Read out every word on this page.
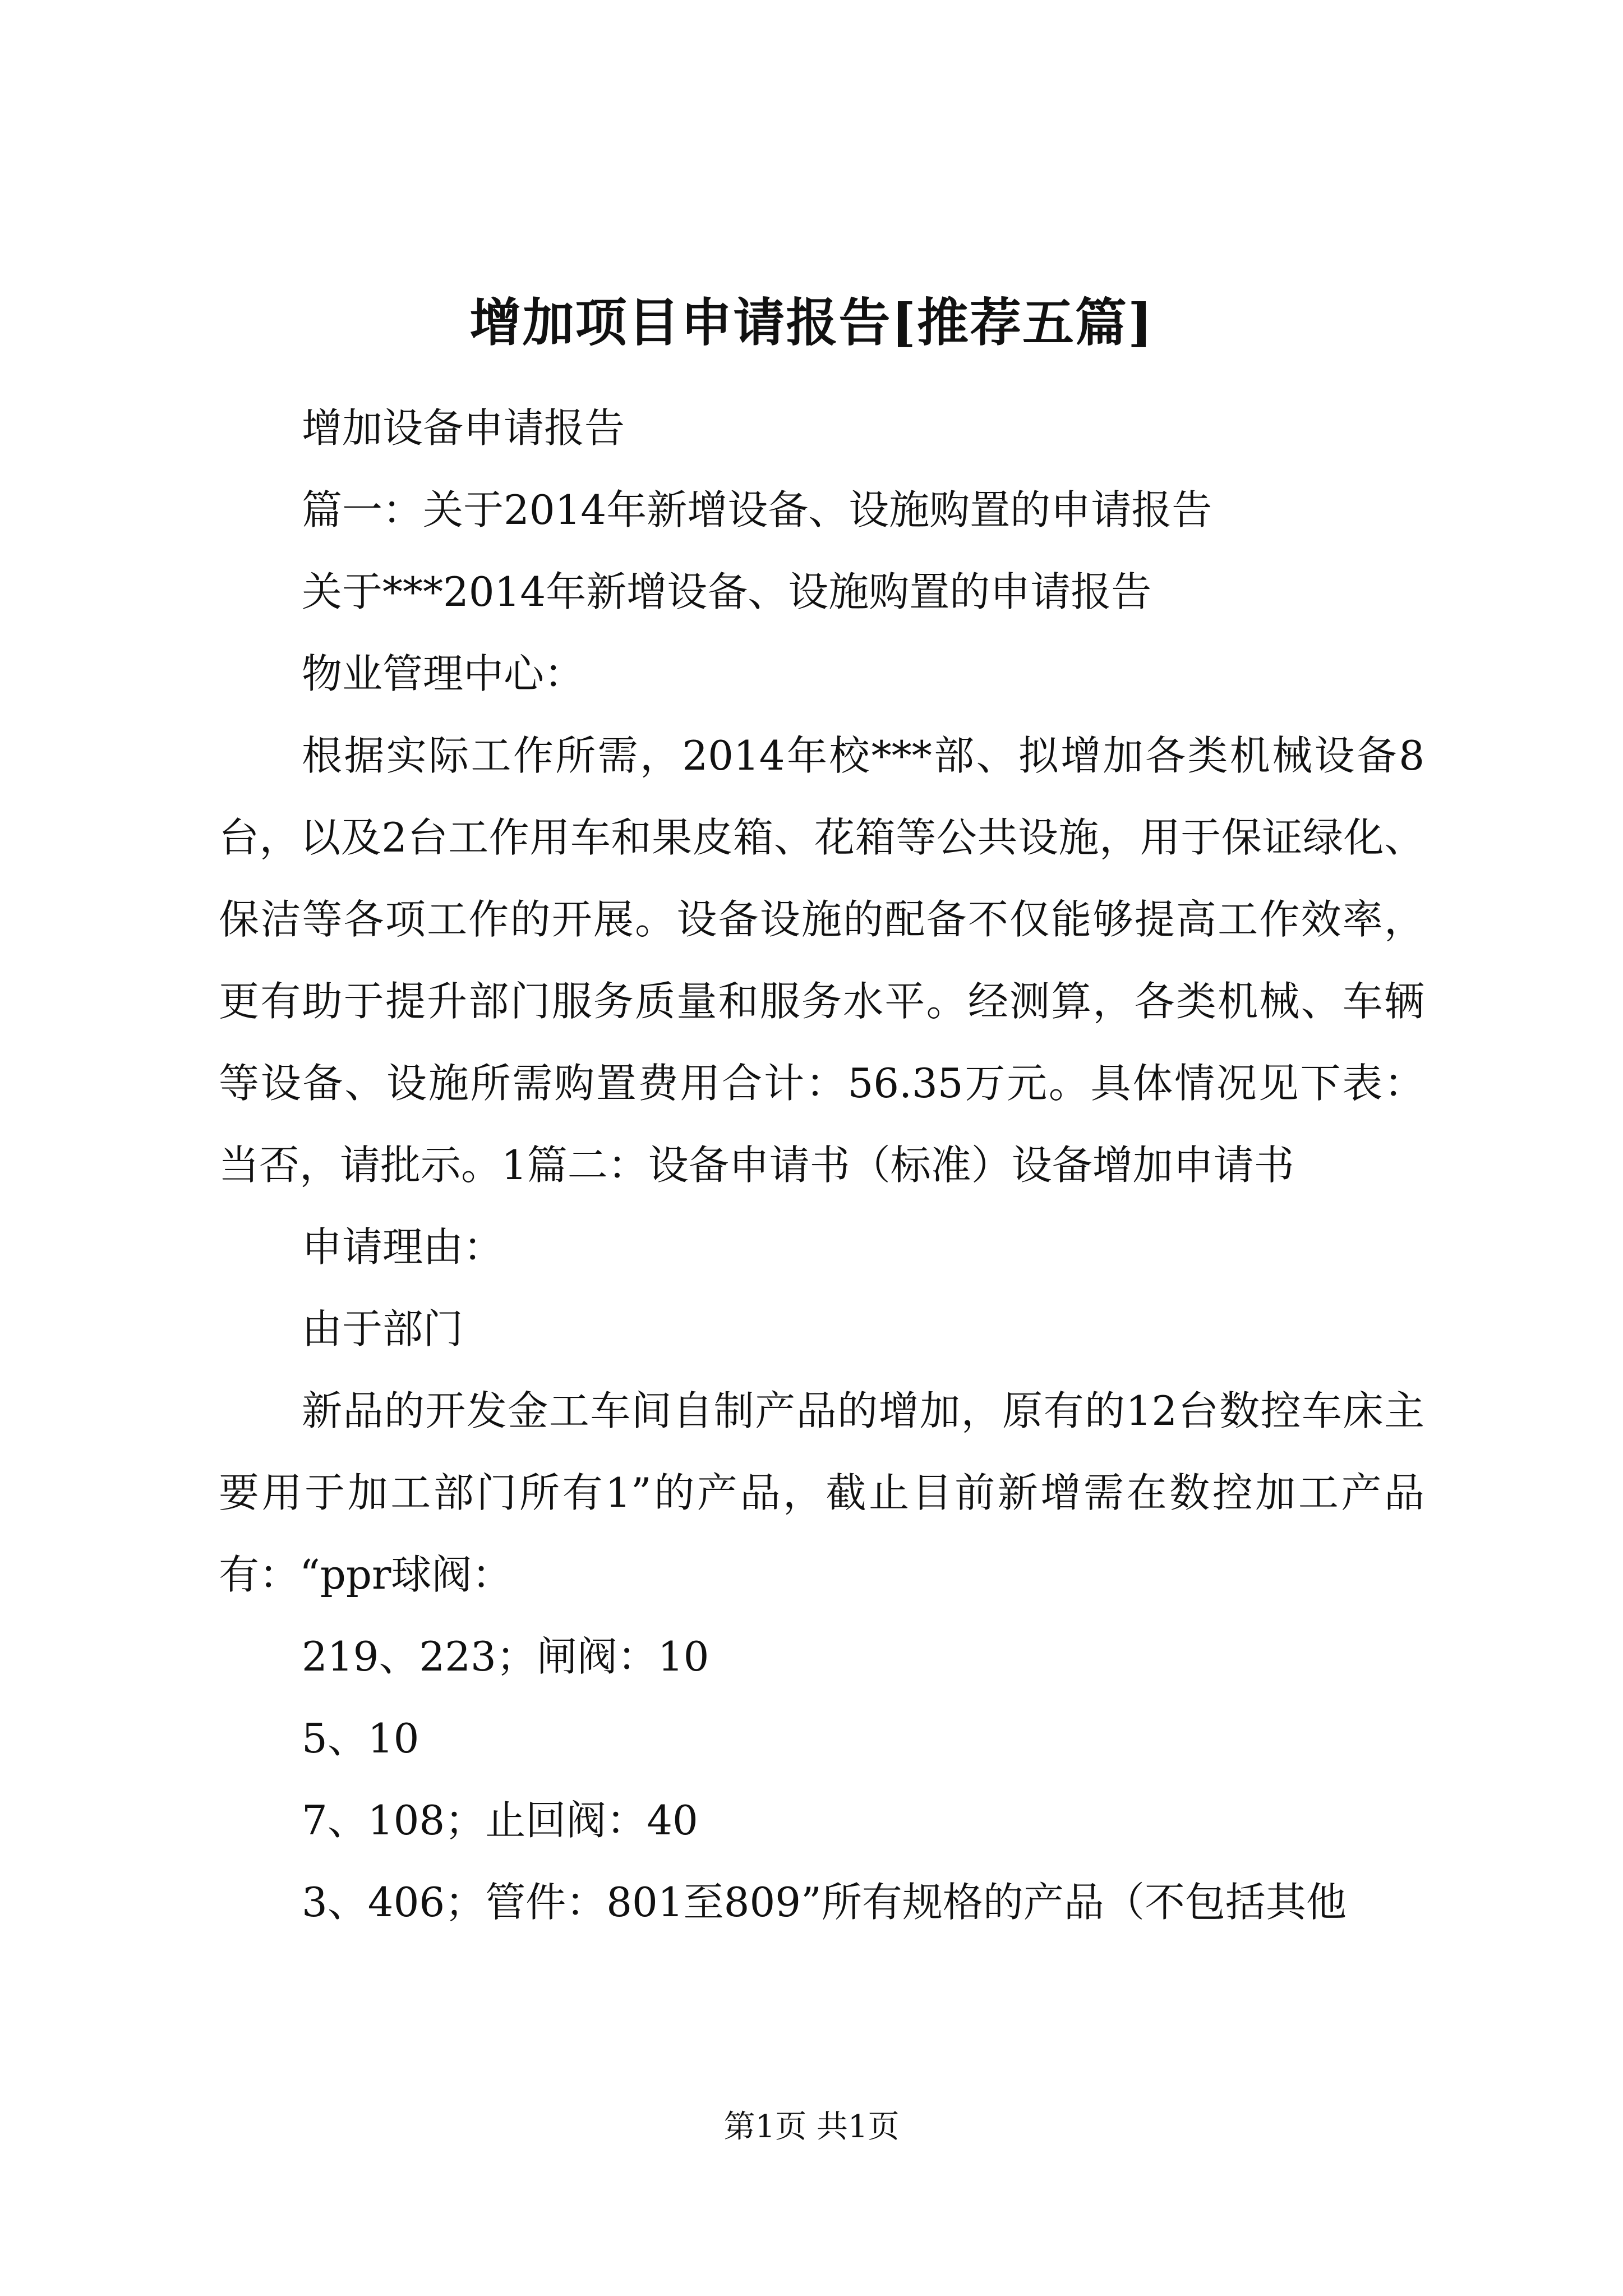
增加项目申请报告[推荐五篇]

增加设备申请报告

篇一：关于2014年新增设备、设施购置的申请报告

关于***2014年新增设备、设施购置的申请报告

物业管理中心：

根据实际工作所需，2014年校***部、拟增加各类机械设备8台，以及2台工作用车和果皮箱、花箱等公共设施，用于保证绿化、保洁等各项工作的开展。设备设施的配备不仅能够提高工作效率，更有助于提升部门服务质量和服务水平。经测算，各类机械、车辆等设备、设施所需购置费用合计：56.35万元。具体情况见下表：当否，请批示。1篇二：设备申请书（标准）设备增加申请书

申请理由：

由于部门

新品的开发金工车间自制产品的增加，原有的12台数控车床主要用于加工部门所有1”的产品，截止目前新增需在数控加工产品有：“ppr球阀：

219、223；闸阀：10

5、10

7、108；止回阀：40

3、406；管件：801至809”所有规格的产品（不包括其他

第1页 共1页
